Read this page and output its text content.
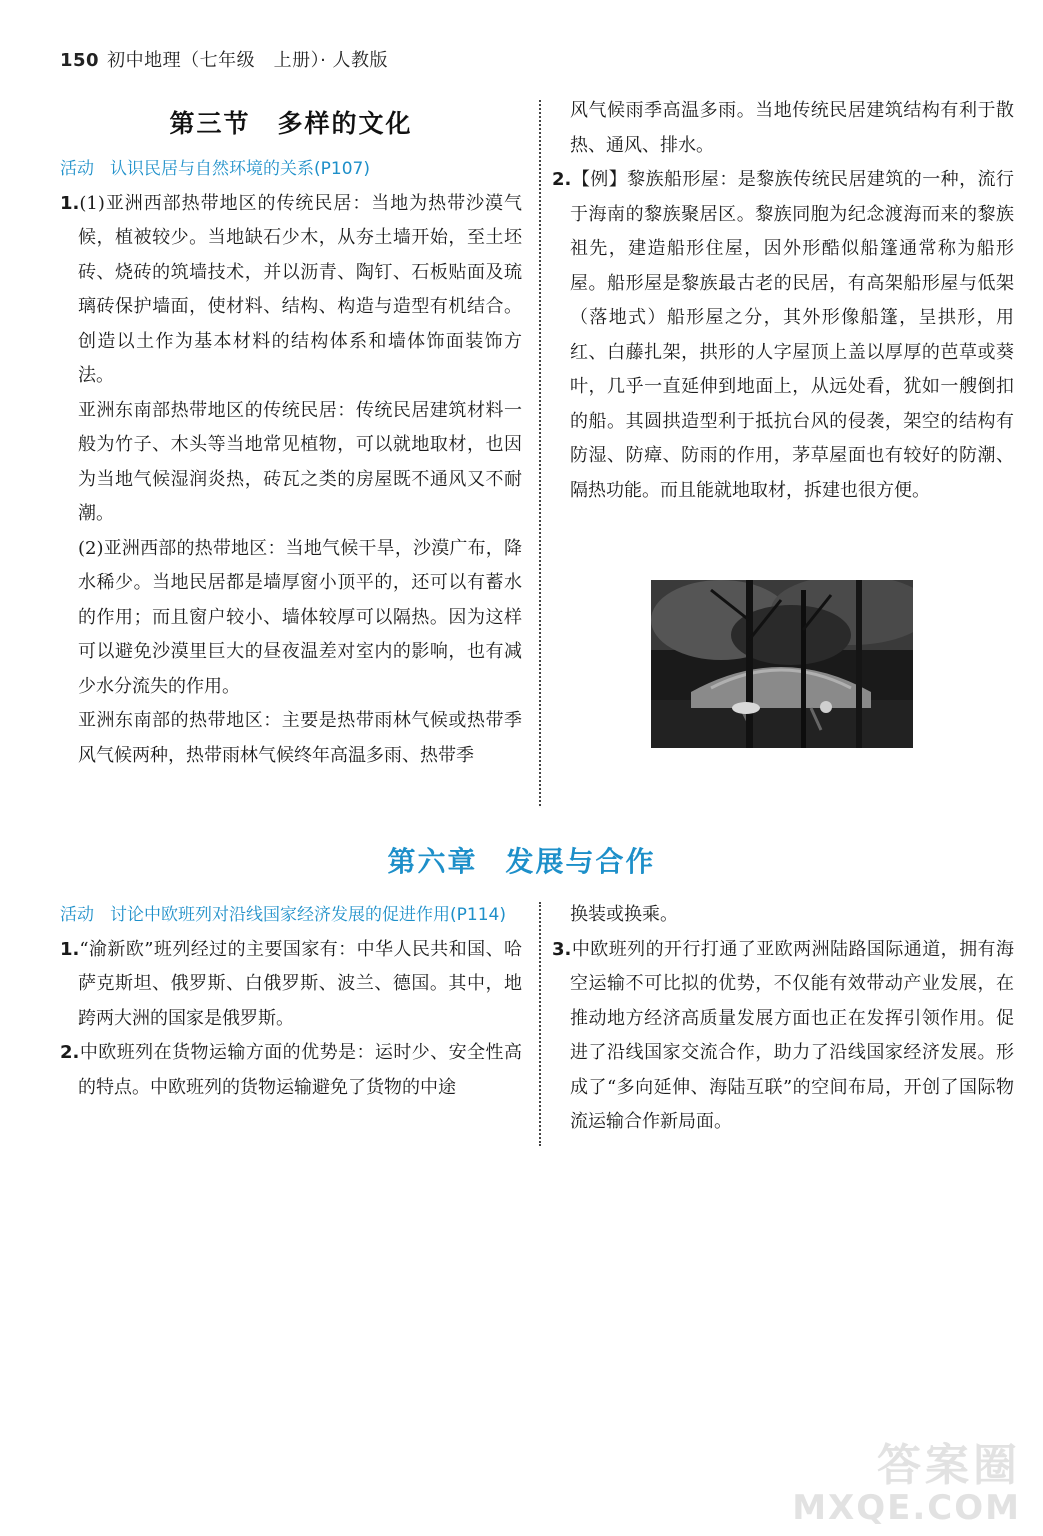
150 初中地理（七年级　上册）· 人教版
第三节　多样的文化
活动 认识民居与自然环境的关系(P107)

1.(1)亚洲西部热带地区的传统民居：当地为热带沙漠气候，植被较少。当地缺石少木，从夯土墙开始，至土坯砖、烧砖的筑墙技术，并以沥青、陶钉、石板贴面及琉璃砖保护墙面，使材料、结构、构造与造型有机结合。创造以土作为基本材料的结构体系和墙体饰面装饰方法。

亚洲东南部热带地区的传统民居：传统民居建筑材料一般为竹子、木头等当地常见植物，可以就地取材，也因为当地气候湿润炎热，砖瓦之类的房屋既不通风又不耐潮。

(2)亚洲西部的热带地区：当地气候干旱，沙漠广布，降水稀少。当地民居都是墙厚窗小顶平的，还可以有蓄水的作用；而且窗户较小、墙体较厚可以隔热。因为这样可以避免沙漠里巨大的昼夜温差对室内的影响，也有减少水分流失的作用。

亚洲东南部的热带地区：主要是热带雨林气候或热带季风气候两种，热带雨林气候终年高温多雨、热带季

风气候雨季高温多雨。当地传统民居建筑结构有利于散热、通风、排水。

2.【例】黎族船形屋：是黎族传统民居建筑的一种，流行于海南的黎族聚居区。黎族同胞为纪念渡海而来的黎族祖先，建造船形住屋，因外形酷似船篷通常称为船形屋。船形屋是黎族最古老的民居，有高架船形屋与低架（落地式）船形屋之分，其外形像船篷，呈拱形，用红、白藤扎架，拱形的人字屋顶上盖以厚厚的芭草或葵叶，几乎一直延伸到地面上，从远处看，犹如一艘倒扣的船。其圆拱造型利于抵抗台风的侵袭，架空的结构有防湿、防瘴、防雨的作用，茅草屋面也有较好的防潮、隔热功能。而且能就地取材，拆建也很方便。

第六章 发展与合作
活动 讨论中欧班列对沿线国家经济发展的促进作用(P114)

1.“渝新欧”班列经过的主要国家有：中华人民共和国、哈萨克斯坦、俄罗斯、白俄罗斯、波兰、德国。其中，地跨两大洲的国家是俄罗斯。

2.中欧班列在货物运输方面的优势是：运时少、安全性高的特点。中欧班列的货物运输避免了货物的中途

换装或换乘。

3.中欧班列的开行打通了亚欧两洲陆路国际通道，拥有海空运输不可比拟的优势，不仅能有效带动产业发展，在推动地方经济高质量发展方面也正在发挥引领作用。促进了沿线国家交流合作，助力了沿线国家经济发展。形成了“多向延伸、海陆互联”的空间布局，开创了国际物流运输合作新局面。

答案圈
MXQE.COM
